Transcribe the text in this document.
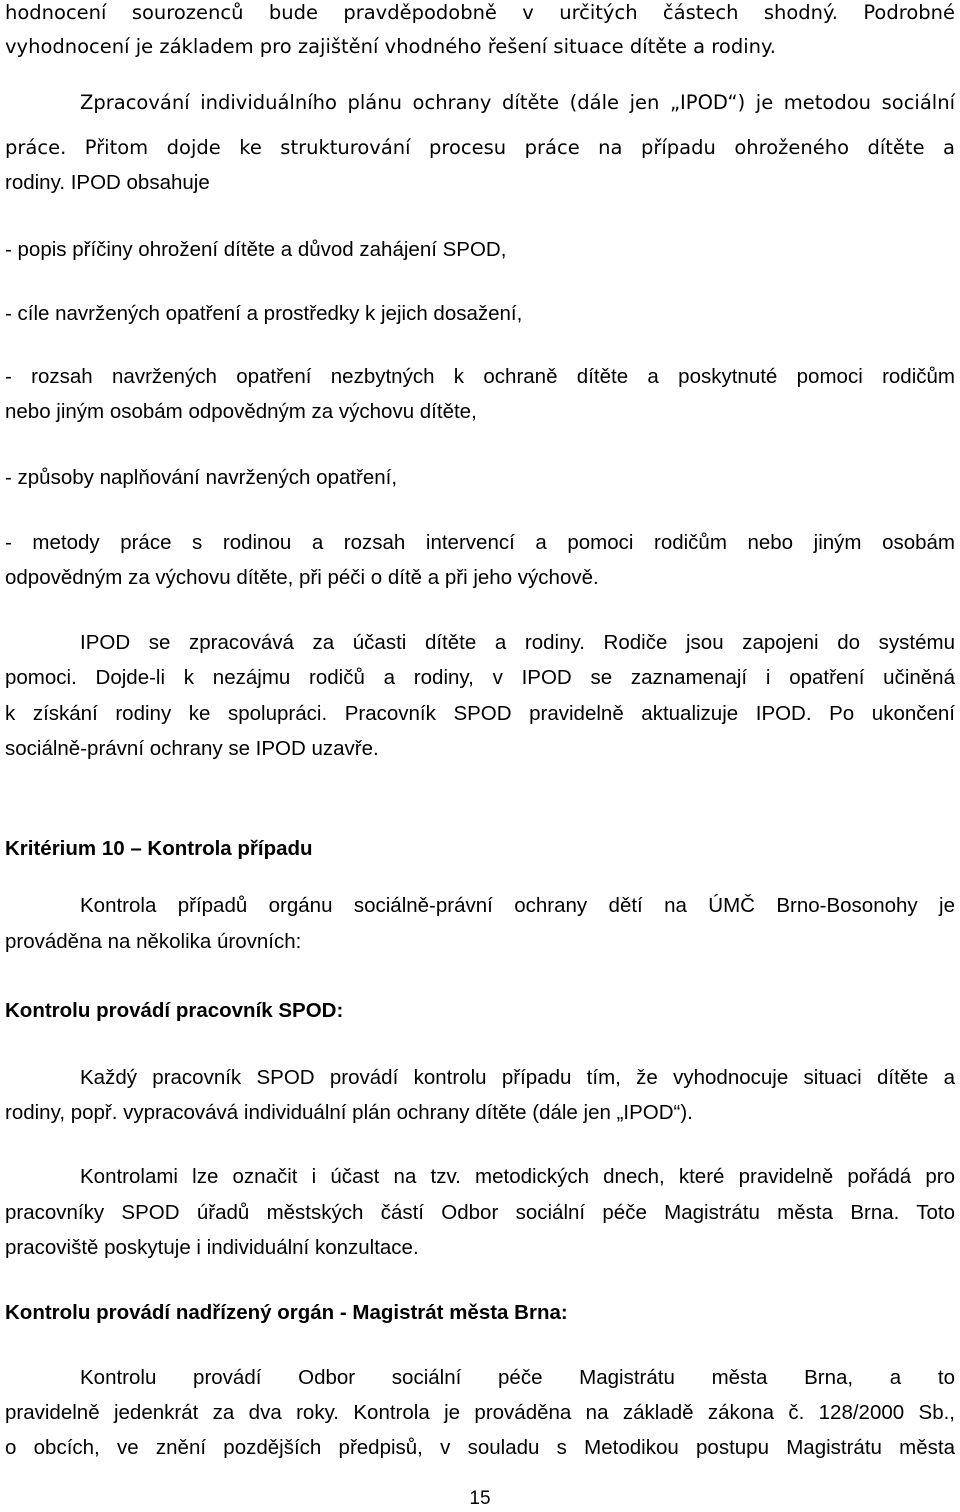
hodnocení sourozenců bude pravděpodobně v určitých částech shodný. Podrobné
vyhodnocení je základem pro zajištění vhodného řešení situace dítěte a rodiny.
Zpracování individuálního plánu ochrany dítěte (dále jen „IPOD“) je metodou sociální
práce. Přitom dojde ke strukturování procesu práce na případu ohroženého dítěte a
rodiny. IPOD obsahuje
- popis příčiny ohrožení dítěte a důvod zahájení SPOD,
- cíle navržených opatření a prostředky k jejich dosažení,
- rozsah navržených opatření nezbytných k ochraně dítěte a poskytnuté pomoci rodičům
nebo jiným osobám odpovědným za výchovu dítěte,
- způsoby naplňování navržených opatření,
- metody práce s rodinou a rozsah intervencí a pomoci rodičům nebo jiným osobám
odpovědným za výchovu dítěte, při péči o dítě a při jeho výchově.
IPOD se zpracovává za účasti dítěte a rodiny. Rodiče jsou zapojeni do systému
pomoci. Dojde-li k nezájmu rodičů a rodiny, v IPOD se zaznamenají i opatření učiněná
k získání rodiny ke spolupráci. Pracovník SPOD pravidelně aktualizuje IPOD. Po ukončení
sociálně-právní ochrany se IPOD uzavře.
Kritérium 10 – Kontrola případu
Kontrola případů orgánu sociálně-právní ochrany dětí na ÚMČ Brno-Bosonohy je
prováděna na několika úrovních:
Kontrolu provádí pracovník SPOD:
Každý pracovník SPOD provádí kontrolu případu tím, že vyhodnocuje situaci dítěte a
rodiny, popř. vypracovává individuální plán ochrany dítěte (dále jen „IPOD“).
Kontrolami lze označit i účast na tzv. metodických dnech, které pravidelně pořádá pro
pracovníky SPOD úřadů městských částí Odbor sociální péče Magistrátu města Brna. Toto
pracoviště poskytuje i individuální konzultace.
Kontrolu provádí nadřízený orgán - Magistrát města Brna:
Kontrolu provádí Odbor sociální péče Magistrátu města Brna, a to
pravidelně jedenkrát za dva roky. Kontrola je prováděna na základě zákona č. 128/2000 Sb.,
o obcích, ve znění pozdějších předpisů, v souladu s Metodikou postupu Magistrátu města
15
